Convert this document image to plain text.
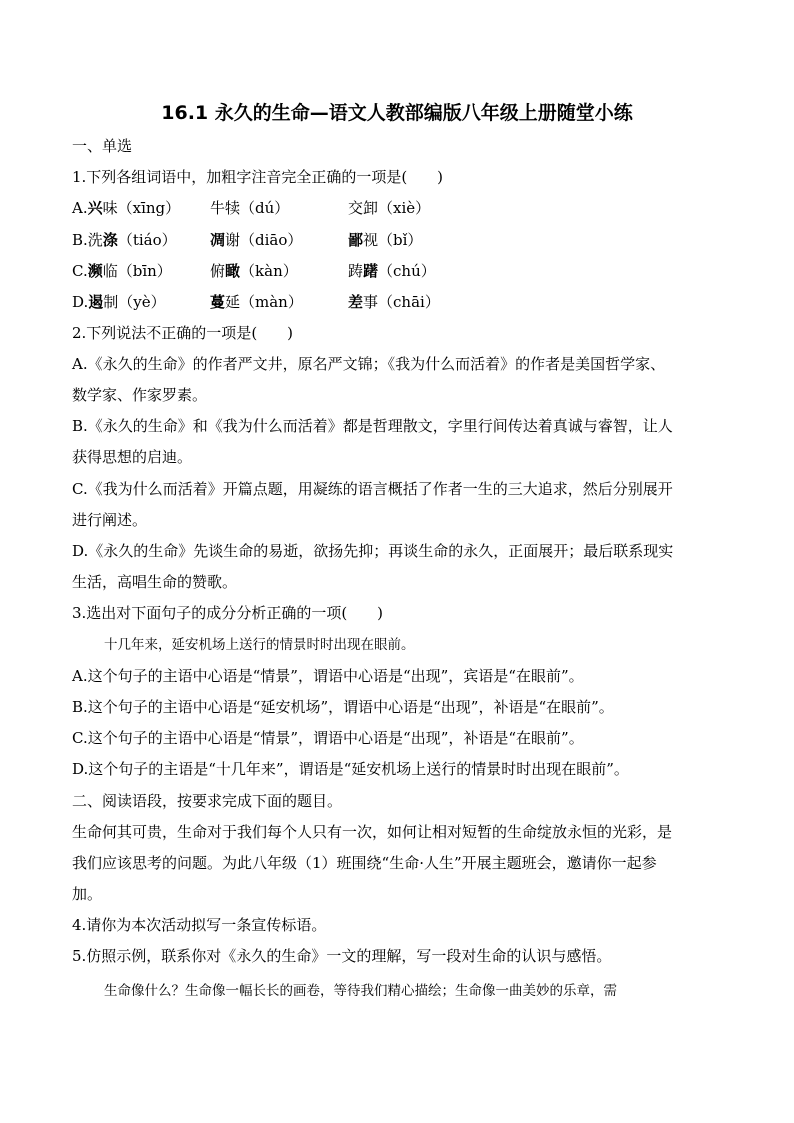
16.1 永久的生命—语文人教部编版八年级上册随堂小练
一、单选
1.下列各组词语中，加粗字注音完全正确的一项是(　　)
A.兴味（xīng） 牛犊（dú）	交卸（xiè）
B.洗涤（tiáo） 凋谢（diāo）	鄙视（bǐ）
C.濒临（bīn）	俯瞰（kàn）	踌躇（chú）
D.遏制（yè）	蔓延（màn）	差事（chāi）
2.下列说法不正确的一项是(　　)
A.《永久的生命》的作者严文井，原名严文锦；《我为什么而活着》的作者是美国哲学家、
数学家、作家罗素。
B.《永久的生命》和《我为什么而活着》都是哲理散文，字里行间传达着真诚与睿智，让人
获得思想的启迪。
C.《我为什么而活着》开篇点题，用凝练的语言概括了作者一生的三大追求，然后分别展开
进行阐述。
D.《永久的生命》先谈生命的易逝，欲扬先抑；再谈生命的永久，正面展开；最后联系现实
生活，高唱生命的赞歌。
3.选出对下面句子的成分分析正确的一项(　　)
十几年来，延安机场上送行的情景时时出现在眼前。
A.这个句子的主语中心语是“情景”，谓语中心语是“出现”，宾语是“在眼前”。
B.这个句子的主语中心语是“延安机场”，谓语中心语是“出现”，补语是“在眼前”。
C.这个句子的主语中心语是“情景”，谓语中心语是“出现”，补语是“在眼前”。
D.这个句子的主语是“十几年来”，谓语是“延安机场上送行的情景时时出现在眼前”。
二、阅读语段，按要求完成下面的题目。
生命何其可贵，生命对于我们每个人只有一次，如何让相对短暂的生命绽放永恒的光彩，是
我们应该思考的问题。为此八年级（1）班围绕“生命·人生”开展主题班会，邀请你一起参
加。
4.请你为本次活动拟写一条宣传标语。
5.仿照示例，联系你对《永久的生命》一文的理解，写一段对生命的认识与感悟。
生命像什么？生命像一幅长长的画卷，等待我们精心描绘；生命像一曲美妙的乐章，需
